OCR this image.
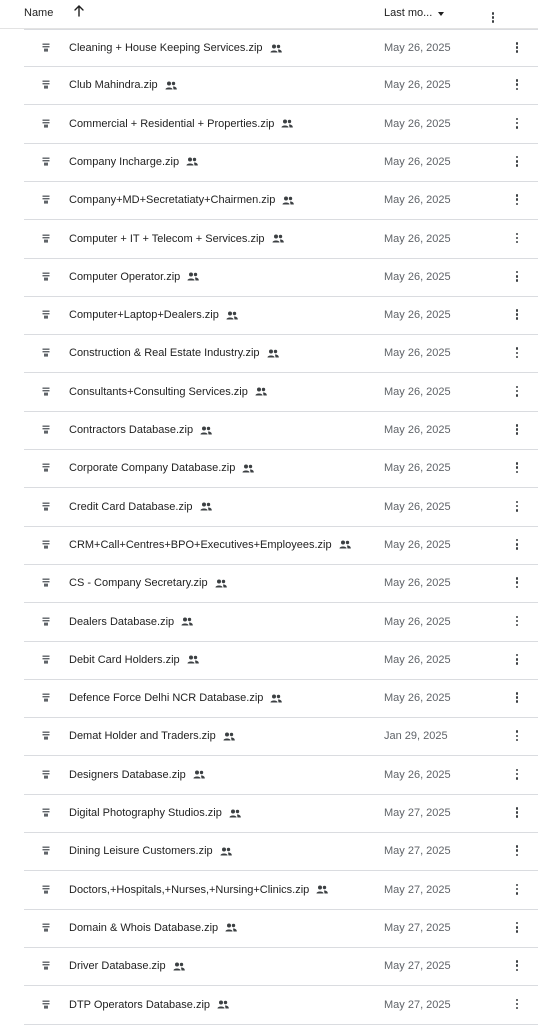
Name	Last mo...
Cleaning + House Keeping Services.zip	May 26, 2025
Club Mahindra.zip	May 26, 2025
Commercial + Residential + Properties.zip	May 26, 2025
Company Incharge.zip	May 26, 2025
Company+MD+Secretatiaty+Chairmen.zip	May 26, 2025
Computer + IT + Telecom + Services.zip	May 26, 2025
Computer Operator.zip	May 26, 2025
Computer+Laptop+Dealers.zip	May 26, 2025
Construction & Real Estate Industry.zip	May 26, 2025
Consultants+Consulting Services.zip	May 26, 2025
Contractors Database.zip	May 26, 2025
Corporate Company Database.zip	May 26, 2025
Credit Card Database.zip	May 26, 2025
CRM+Call+Centres+BPO+Executives+Employees.zip	May 26, 2025
CS - Company Secretary.zip	May 26, 2025
Dealers Database.zip	May 26, 2025
Debit Card Holders.zip	May 26, 2025
Defence Force Delhi NCR Database.zip	May 26, 2025
Demat Holder and Traders.zip	Jan 29, 2025
Designers Database.zip	May 26, 2025
Digital Photography Studios.zip	May 27, 2025
Dining Leisure Customers.zip	May 27, 2025
Doctors,+Hospitals,+Nurses,+Nursing+Clinics.zip	May 27, 2025
Domain & Whois Database.zip	May 27, 2025
Driver Database.zip	May 27, 2025
DTP Operators Database.zip	May 27, 2025
